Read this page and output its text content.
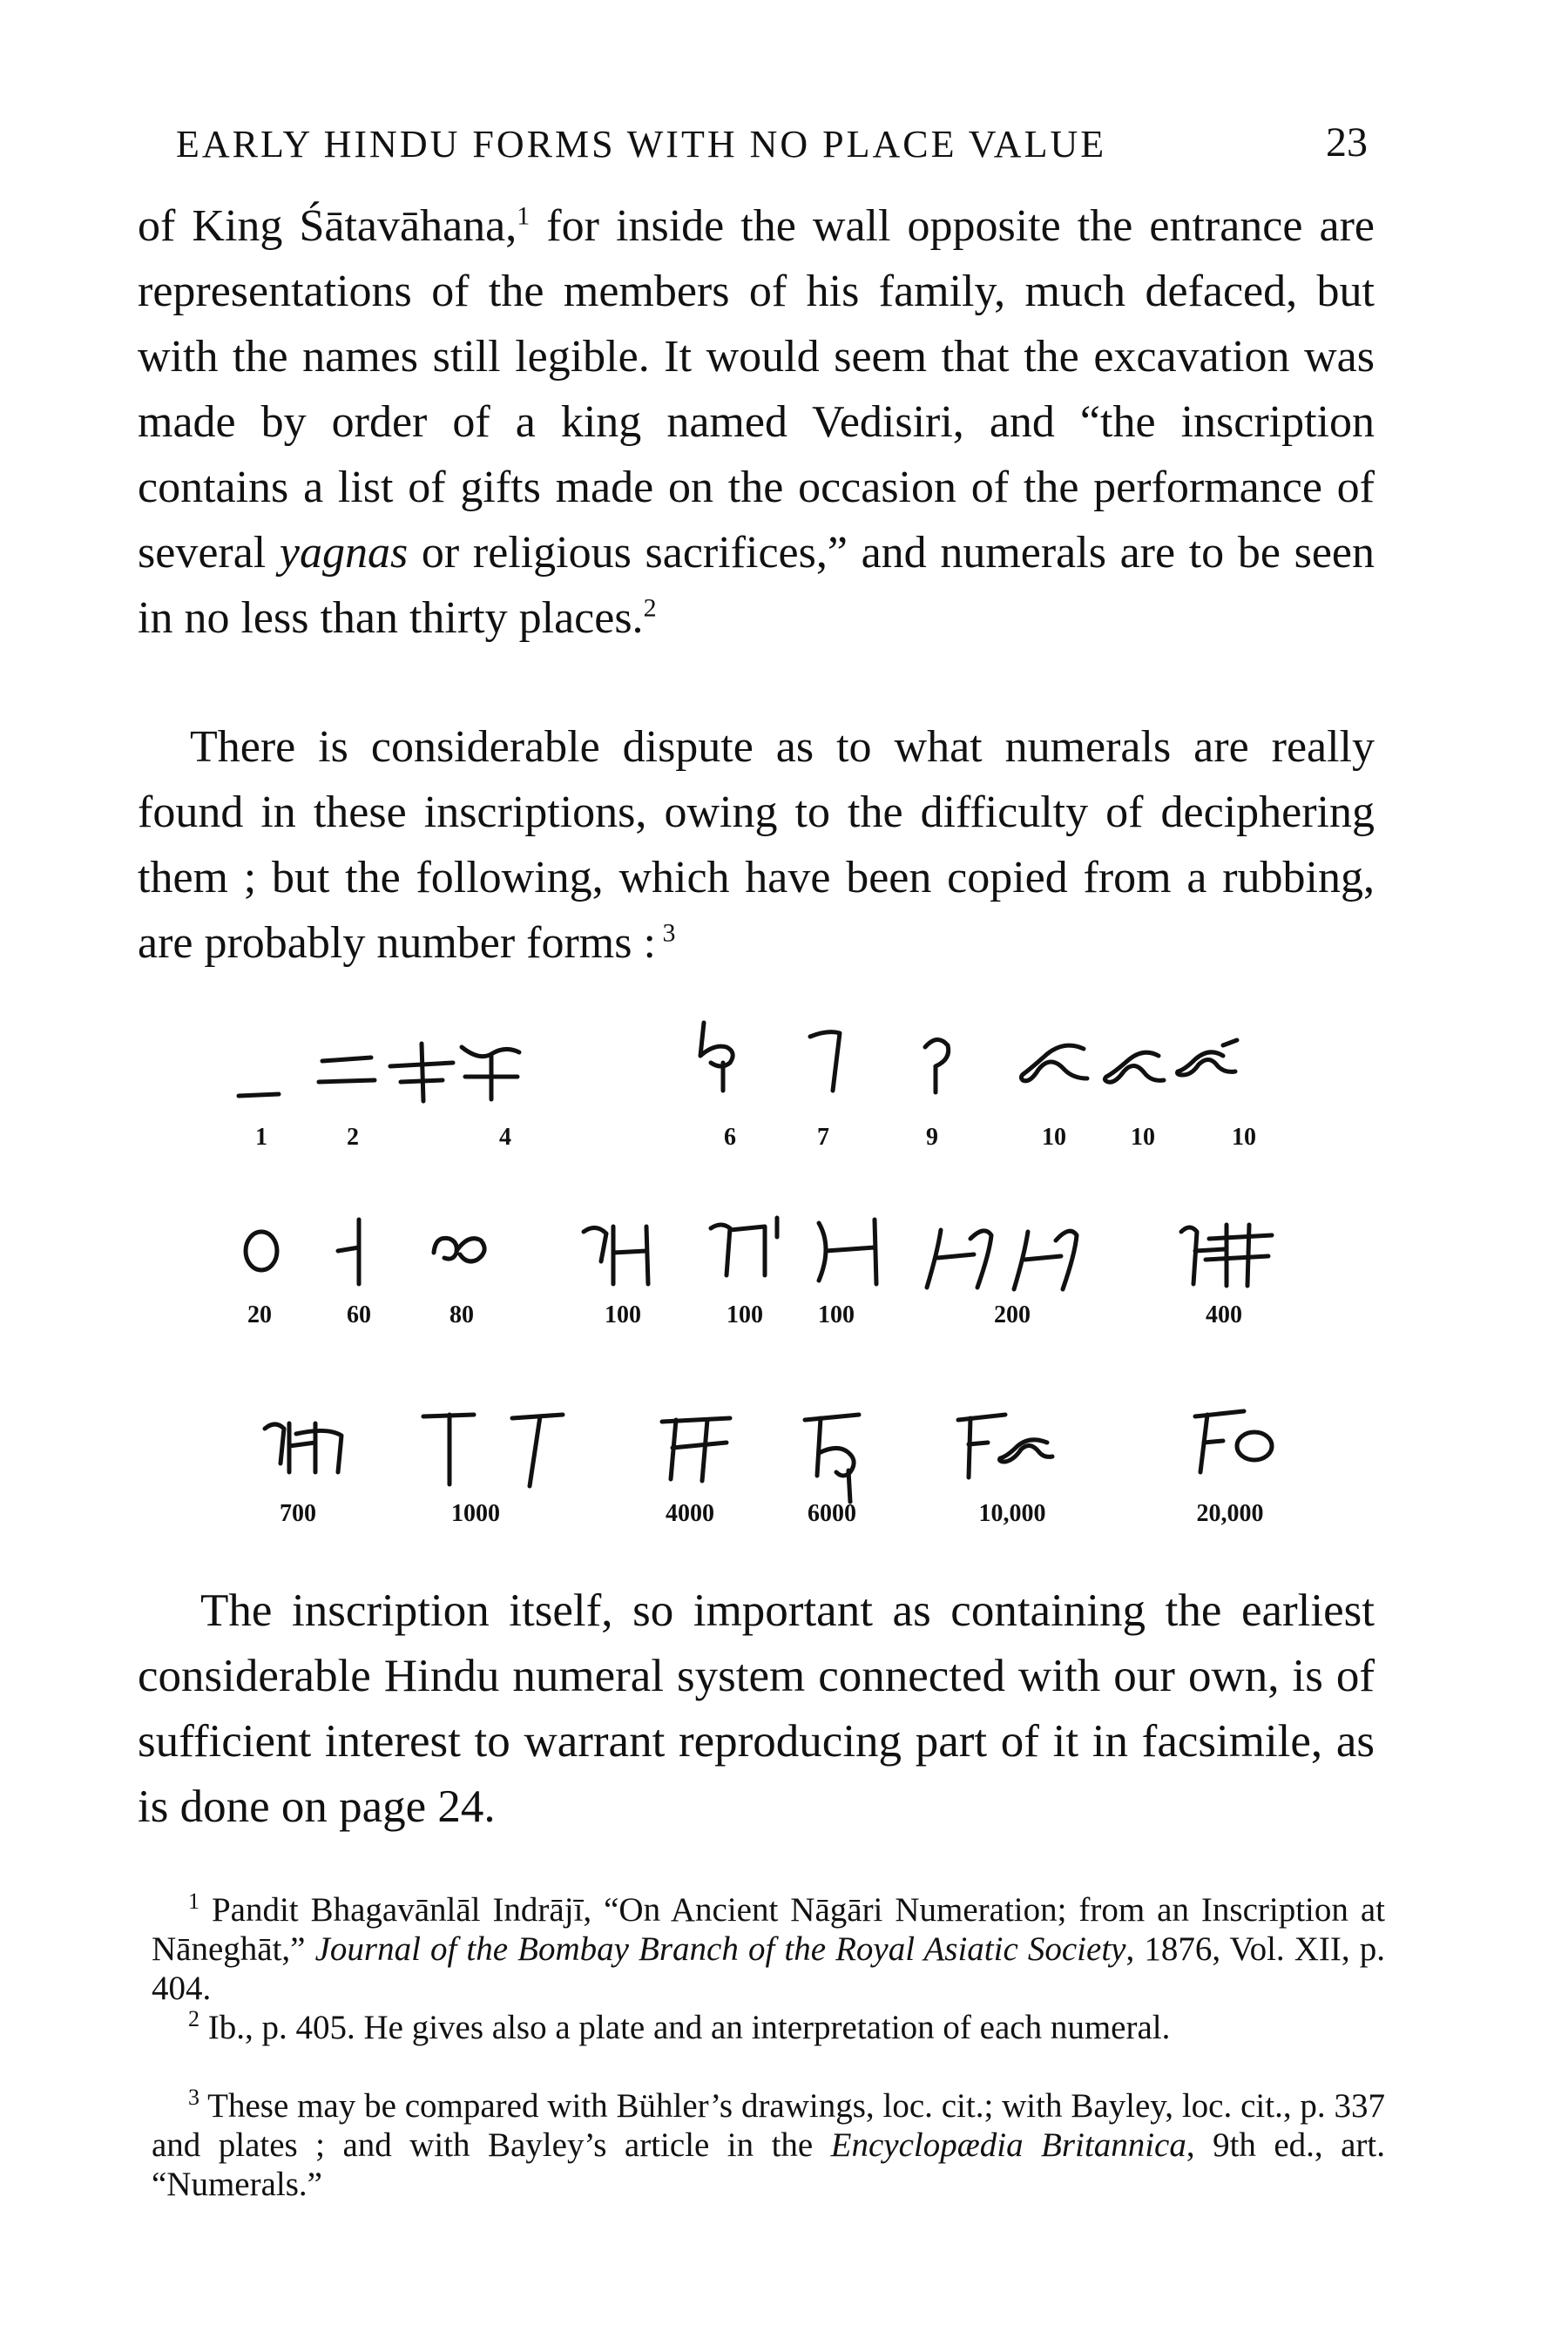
EARLY HINDU FORMS WITH NO PLACE VALUE	23

of King Śātavāhana,$^1$ for inside the wall opposite the entrance are representations of the members of his family, much defaced, but with the names still legible. It would seem that the excavation was made by order of a king named Vedisiri, and “the inscription contains a list of gifts made on the occasion of the performance of several yagnas or religious sacrifices,” and numerals are to be seen in no less than thirty places.$^2$

There is considerable dispute as to what numerals are really found in these inscriptions, owing to the difficulty of deciphering them ; but the following, which have been copied from a rubbing, are probably number forms : $^3$

1	2	4	6	7	9	10	10	10
20	60	80	100	100	100	200	400
700	1000	4000	6000	10,000	20,000

The inscription itself, so important as containing the earliest considerable Hindu numeral system connected with our own, is of sufficient interest to warrant reproducing part of it in facsimile, as is done on page 24.

$^1$ Pandit Bhagavānlāl Indrājī, “On Ancient Nāgāri Numeration; from an Inscription at Nāneghāt,” Journal of the Bombay Branch of the Royal Asiatic Society, 1876, Vol. XII, p. 404.

$^2$ Ib., p. 405. He gives also a plate and an interpretation of each numeral.

$^3$ These may be compared with Bühler’s drawings, loc. cit.; with Bayley, loc. cit., p. 337 and plates ; and with Bayley’s article in the Encyclopædia Britannica, 9th ed., art. “Numerals.”
